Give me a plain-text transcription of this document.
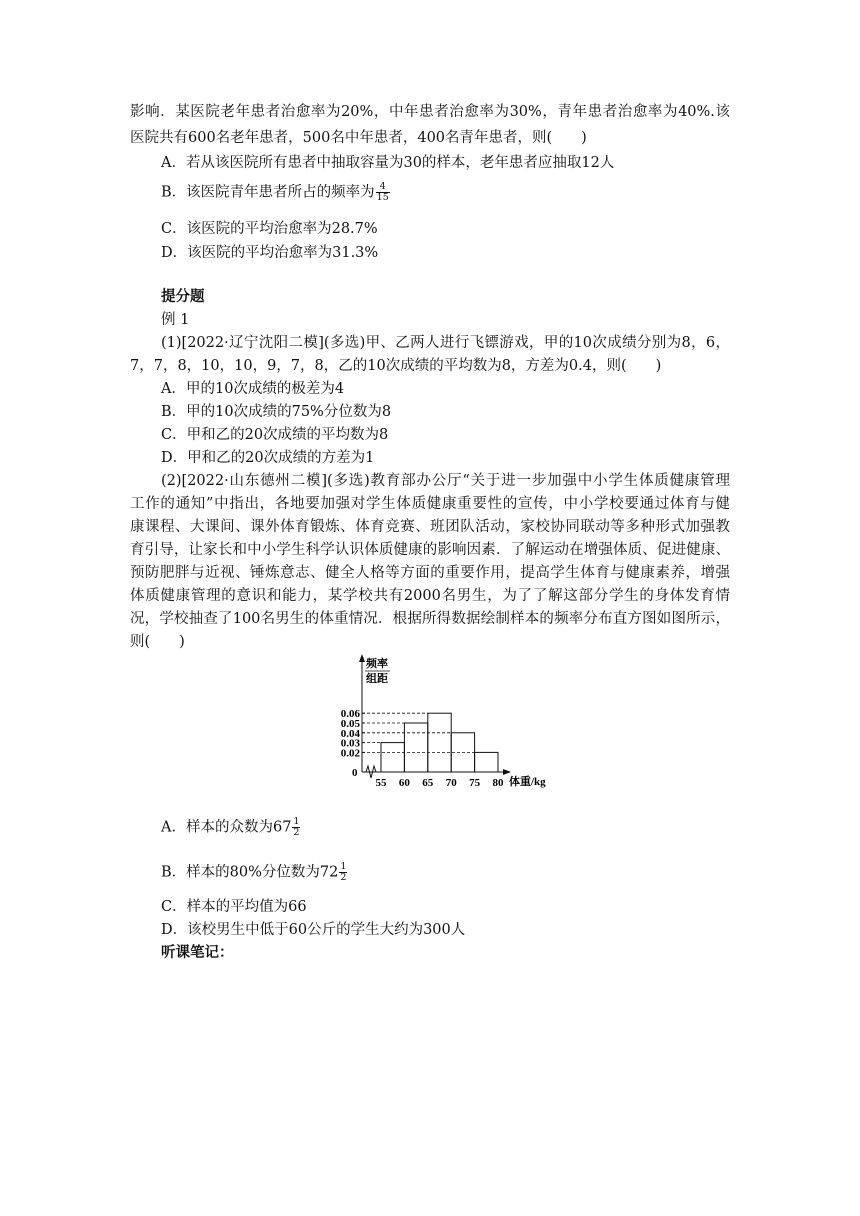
影响．某医院老年患者治愈率为20%，中年患者治愈率为30%，青年患者治愈率为40%.该
医院共有600名老年患者，500名中年患者，400名青年患者，则(　　)
A．若从该医院所有患者中抽取容量为30的样本，老年患者应抽取12人
B．该医院青年患者所占的频率为 $\frac{4}{15}$
C．该医院的平均治愈率为28.7%
D．该医院的平均治愈率为31.3%
提分题
例 1
(1)[2022·辽宁沈阳二模](多选)甲、乙两人进行飞镖游戏，甲的10次成绩分别为8，6，
7，7，8，10，10，9，7，8，乙的10次成绩的平均数为8，方差为0.4，则(　　)
A．甲的10次成绩的极差为4
B．甲的10次成绩的75%分位数为8
C．甲和乙的20次成绩的平均数为8
D．甲和乙的20次成绩的方差为1
(2)[2022·山东德州二模](多选)教育部办公厅“关于进一步加强中小学生体质健康管理
工作的通知”中指出，各地要加强对学生体质健康重要性的宣传，中小学校要通过体育与健
康课程、大课间、课外体育锻炼、体育竞赛、班团队活动，家校协同联动等多种形式加强教
育引导，让家长和中小学生科学认识体质健康的影响因素．了解运动在增强体质、促进健康、
预防肥胖与近视、锤炼意志、健全人格等方面的重要作用，提高学生体育与健康素养，增强
体质健康管理的意识和能力，某学校共有2000名男生，为了了解这部分学生的身体发育情
况，学校抽查了100名男生的体重情况．根据所得数据绘制样本的频率分布直方图如图所示，
则(　　)
频率
组距
0
体重/kg
0.02
0.03
0.04
0.05
0.06
55 60 65 70 75 80
A．样本的众数为$67 \frac{1}{2}$
B．样本的80%分位数为$72 \frac{1}{2}$
C．样本的平均值为66
D．该校男生中低于60公斤的学生大约为300人
听课笔记：
